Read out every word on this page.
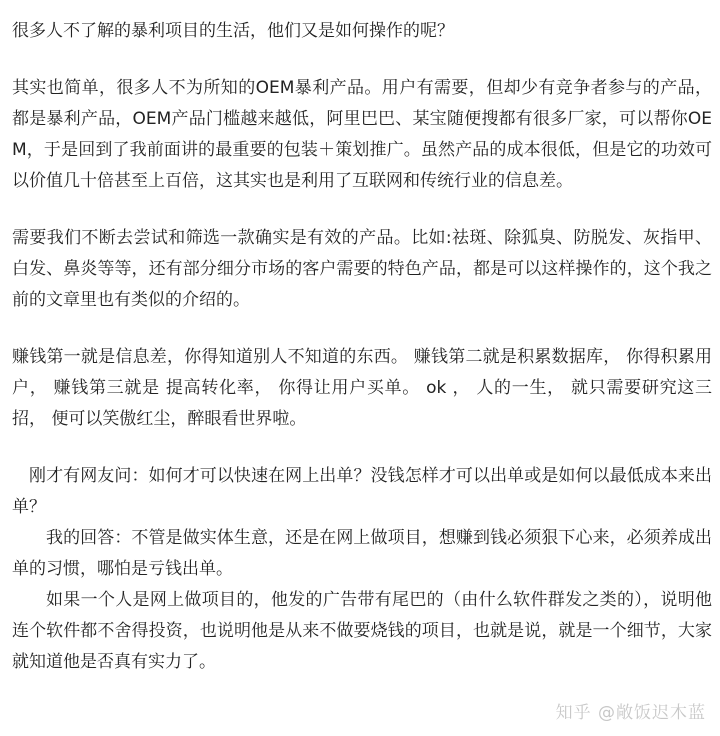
很多人不了解的暴利项目的生活，他们又是如何操作的呢？

其实也简单，很多人不为所知的OEM暴利产品。用户有需要，但却少有竞争者参与的产品，都是暴利产品，OEM产品门槛越来越低，阿里巴巴、某宝随便搜都有很多厂家，可以帮你OEM，于是回到了我前面讲的最重要的包装＋策划推广。虽然产品的成本很低，但是它的功效可以价值几十倍甚至上百倍，这其实也是利用了互联网和传统行业的信息差。

需要我们不断去尝试和筛选一款确实是有效的产品。比如:祛斑、除狐臭、防脱发、灰指甲、白发、鼻炎等等，还有部分细分市场的客户需要的特色产品，都是可以这样操作的，这个我之前的文章里也有类似的介绍的。

赚钱第一就是信息差，你得知道别人不知道的东西。 赚钱第二就是积累数据库， 你得积累用户， 赚钱第三就是 提高转化率， 你得让用户买单。 ok ， 人的一生， 就只需要研究这三招， 便可以笑傲红尘，醉眼看世界啦。

刚才有网友问：如何才可以快速在网上出单？没钱怎样才可以出单或是如何以最低成本来出单？

我的回答：不管是做实体生意，还是在网上做项目，想赚到钱必须狠下心来，必须养成出单的习惯，哪怕是亏钱出单。

如果一个人是网上做项目的，他发的广告带有尾巴的（由什么软件群发之类的），说明他连个软件都不舍得投资，也说明他是从来不做要烧钱的项目，也就是说，就是一个细节，大家就知道他是否真有实力了。

知乎 @敞饭迟木蓝
